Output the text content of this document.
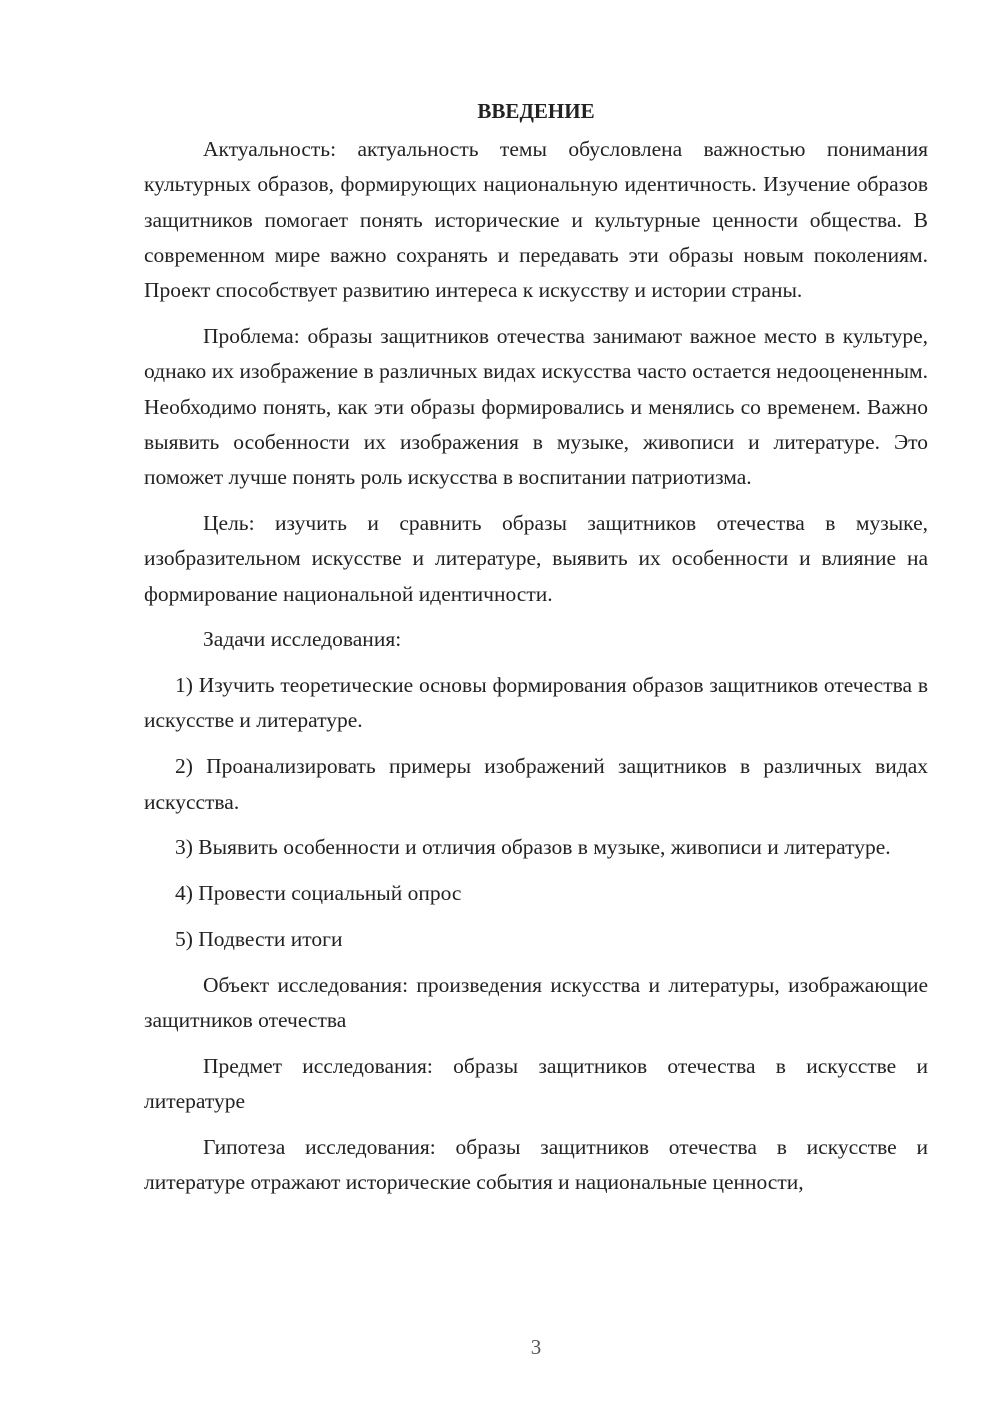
ВВЕДЕНИЕ

Актуальность: актуальность темы обусловлена важностью понимания культурных образов, формирующих национальную идентичность. Изучение образов защитников помогает понять исторические и культурные ценности общества. В современном мире важно сохранять и передавать эти образы новым поколениям. Проект способствует развитию интереса к искусству и истории страны.

Проблема: образы защитников отечества занимают важное место в культуре, однако их изображение в различных видах искусства часто остается недооцененным. Необходимо понять, как эти образы формировались и менялись со временем. Важно выявить особенности их изображения в музыке, живописи и литературе. Это поможет лучше понять роль искусства в воспитании патриотизма.

Цель: изучить и сравнить образы защитников отечества в музыке, изобразительном искусстве и литературе, выявить их особенности и влияние на формирование национальной идентичности.

Задачи исследования:

1) Изучить теоретические основы формирования образов защитников отечества в искусстве и литературе.

2) Проанализировать примеры изображений защитников в различных видах искусства.

3) Выявить особенности и отличия образов в музыке, живописи и литературе.

4) Провести социальный опрос

5) Подвести итоги

Объект исследования: произведения искусства и литературы, изображающие защитников отечества

Предмет исследования: образы защитников отечества в искусстве и литературе

Гипотеза исследования: образы защитников отечества в искусстве и литературе отражают исторические события и национальные ценности,

3
